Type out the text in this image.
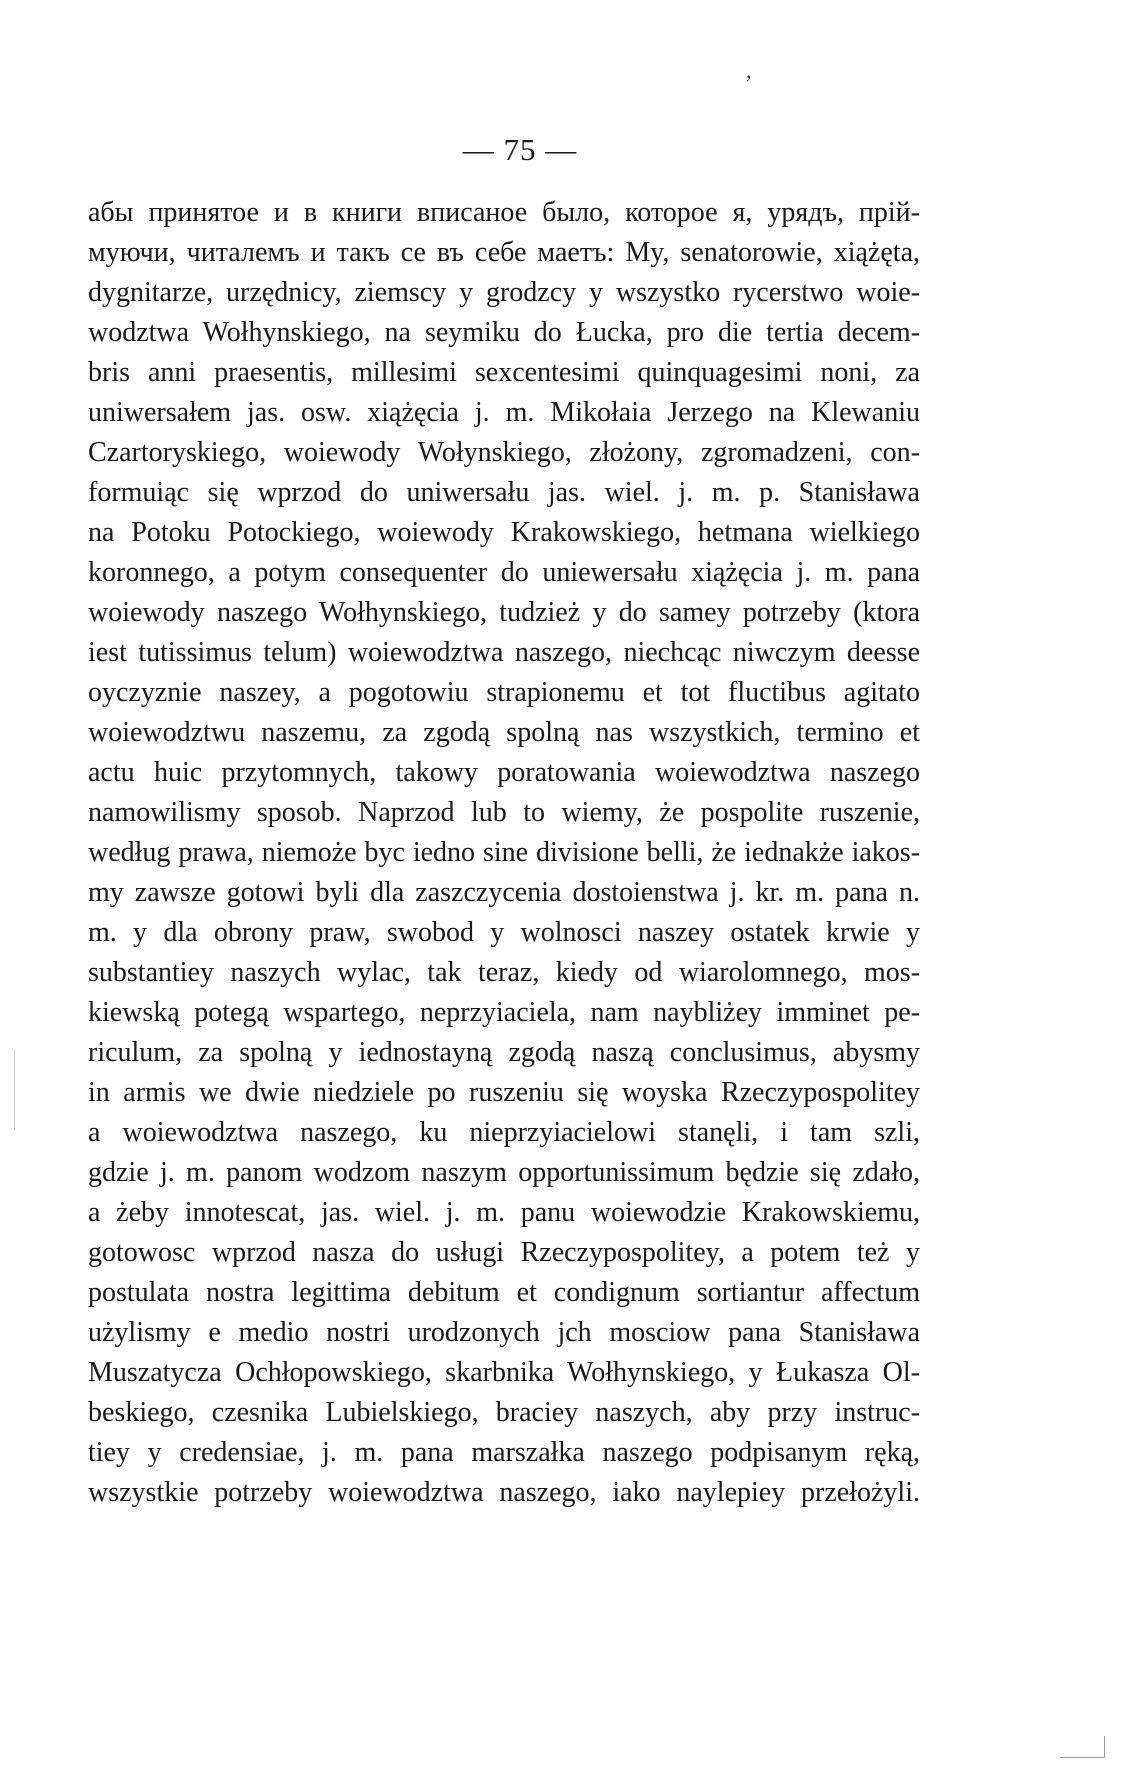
— 75 —
абы принятое и в книги вписаное было, которое я, урядъ, прій-
муючи, читалемъ и такъ се въ себе маетъ: My, senatorowie, xiążęta,
dygnitarze, urzędnicy, ziemscy y grodzcy y wszystko rycerstwo woie-
wodztwa Wołhynskiego, na seymiku do Łucka, pro die tertia decem-
bris anni praesentis, millesimi sexcentesimi quinquagesimi noni, za
uniwersałem jas. osw. xiążęcia j. m. Mikołaia Jerzego na Klewaniu
Czartoryskiego, woiewody Wołynskiego, złożony, zgromadzeni, con-
formuiąc się wprzod do uniwersału jas. wiel. j. m. p. Stanisława
na Potoku Potockiego, woiewody Krakowskiego, hetmana wielkiego
koronnego, a potym consequenter do uniewersału xiążęcia j. m. pana
woiewody naszego Wołhynskiego, tudzież y do samey potrzeby (ktora
iest tutissimus telum) woiewodztwa naszego, niechcąc niwczym deesse
oyczyznie naszey, a pogotowiu strapionemu et tot fluctibus agitato
woiewodztwu naszemu, za zgodą spolną nas wszystkich, termino et
actu huic przytomnych, takowy poratowania woiewodztwa naszego
namowilismy sposob. Naprzod lub to wiemy, że pospolite ruszenie,
według prawa, niemoże byc iedno sine divisione belli, że iednakże iakos-
my zawsze gotowi byli dla zaszczycenia dostoienstwa j. kr. m. pana n.
m. y dla obrony praw, swobod y wolnosci naszey ostatek krwie y
substantiey naszych wylac, tak teraz, kiedy od wiarolomnego, mos-
kiewską potegą wspartego, neprzyiaciela, nam naybliżey imminet pe-
riculum, za spolną y iednostayną zgodą naszą conclusimus, abysmy
in armis we dwie niedziele po ruszeniu się woyska Rzeczypospolitey
a woiewodztwa naszego, ku nieprzyiacielowi stanęli, i tam szli,
gdzie j. m. panom wodzom naszym opportunissimum będzie się zdało,
a żeby innotescat, jas. wiel. j. m. panu woiewodzie Krakowskiemu,
gotowosc wprzod nasza do usługi Rzeczypospolitey, a potem też y
postulata nostra legittima debitum et condignum sortiantur affectum
użylismy e medio nostri urodzonych jch mosciow pana Stanisława
Muszatycza Ochłopowskiego, skarbnika Wołhynskiego, y Łukasza Ol-
beskiego, czesnika Lubielskiego, braciey naszych, aby przy instruc-
tiey y credensiae, j. m. pana marszałka naszego podpisanym ręką,
wszystkie potrzeby woiewodztwa naszego, iako naylepiey przełożyli.
,
